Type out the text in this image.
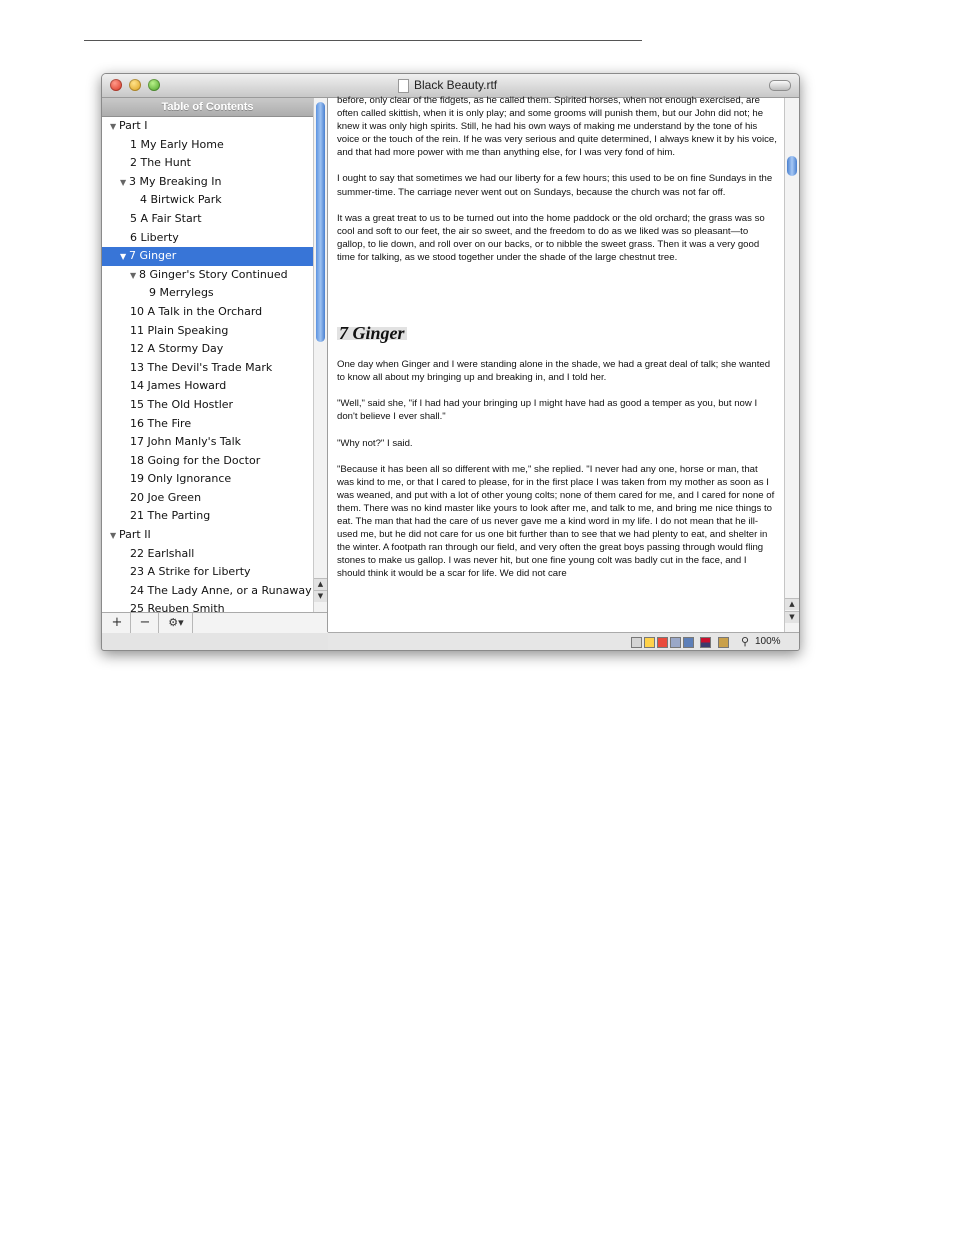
Black Beauty.rtf
Table of Contents
▼ Part I
1 My Early Home
2 The Hunt
▼ 3 My Breaking In
4 Birtwick Park
5 A Fair Start
6 Liberty
▼ 7 Ginger
▼ 8 Ginger's Story Continued
9 Merrylegs
10 A Talk in the Orchard
11 Plain Speaking
12 A Stormy Day
13 The Devil's Trade Mark
14 James Howard
15 The Old Hostler
16 The Fire
17 John Manly's Talk
18 Going for the Doctor
19 Only Ignorance
20 Joe Green
21 The Parting
▼ Part II
22 Earlshall
23 A Strike for Liberty
24 The Lady Anne, or a Runaway
25 Reuben Smith
▲
▼
+	−	⚙▾

before, only clear of the fidgets, as he called them. Spirited horses, when not enough exercised, are often called skittish, when it is only play; and some grooms will punish them, but our John did not; he knew it was only high spirits. Still, he had his own ways of making me understand by the tone of his voice or the touch of the rein. If he was very serious and quite determined, I always knew it by his voice, and that had more power with me than anything else, for I was very fond of him.

I ought to say that sometimes we had our liberty for a few hours; this used to be on fine Sundays in the summer-time. The carriage never went out on Sundays, because the church was not far off.

It was a great treat to us to be turned out into the home paddock or the old orchard; the grass was so cool and soft to our feet, the air so sweet, and the freedom to do as we liked was so pleasant—to gallop, to lie down, and roll over on our backs, or to nibble the sweet grass. Then it was a very good time for talking, as we stood together under the shade of the large chestnut tree.

7 Ginger

One day when Ginger and I were standing alone in the shade, we had a great deal of talk; she wanted to know all about my bringing up and breaking in, and I told her.

"Well," said she, "if I had had your bringing up I might have had as good a temper as you, but now I don't believe I ever shall."

"Why not?" I said.

"Because it has been all so different with me," she replied. "I never had any one, horse or man, that was kind to me, or that I cared to please, for in the first place I was taken from my mother as soon as I was weaned, and put with a lot of other young colts; none of them cared for me, and I cared for none of them. There was no kind master like yours to look after me, and talk to me, and bring me nice things to eat. The man that had the care of us never gave me a kind word in my life. I do not mean that he ill-used me, but he did not care for us one bit further than to see that we had plenty to eat, and shelter in the winter. A footpath ran through our field, and very often the great boys passing through would fling stones to make us gallop. I was never hit, but one fine young colt was badly cut in the face, and I should think it would be a scar for life. We did not care

▲
▼
⚲ 100%
